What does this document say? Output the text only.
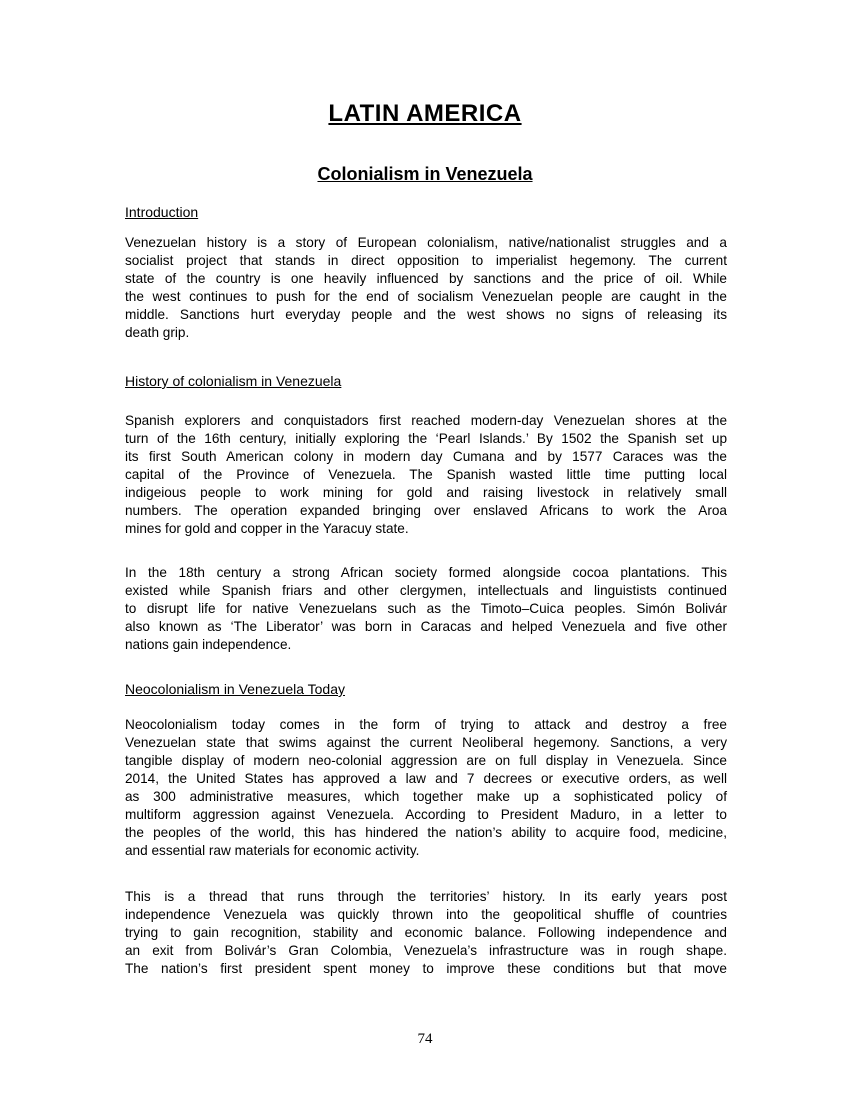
LATIN AMERICA
Colonialism in Venezuela
Introduction
Venezuelan history is a story of European colonialism, native/nationalist struggles and a
socialist project that stands in direct opposition to imperialist hegemony. The current
state of the country is one heavily influenced by sanctions and the price of oil. While
the west continues to push for the end of socialism Venezuelan people are caught in the
middle. Sanctions hurt everyday people and the west shows no signs of releasing its
death grip.
History of colonialism in Venezuela
Spanish explorers and conquistadors first reached modern-day Venezuelan shores at the
turn of the 16th century, initially exploring the ‘Pearl Islands.’ By 1502 the Spanish set up
its first South American colony in modern day Cumana and by 1577 Caraces was the
capital of the Province of Venezuela. The Spanish wasted little time putting local
indigeious people to work mining for gold and raising livestock in relatively small
numbers. The operation expanded bringing over enslaved Africans to work the Aroa
mines for gold and copper in the Yaracuy state.
In the 18th century a strong African society formed alongside cocoa plantations. This
existed while Spanish friars and other clergymen, intellectuals and linguistists continued
to disrupt life for native Venezuelans such as the Timoto–Cuica peoples. Simón Bolivár
also known as ‘The Liberator’ was born in Caracas and helped Venezuela and five other
nations gain independence.
Neocolonialism in Venezuela Today
Neocolonialism today comes in the form of trying to attack and destroy a free
Venezuelan state that swims against the current Neoliberal hegemony. Sanctions, a very
tangible display of modern neo-colonial aggression are on full display in Venezuela. Since
2014, the United States has approved a law and 7 decrees or executive orders, as well
as 300 administrative measures, which together make up a sophisticated policy of
multiform aggression against Venezuela. According to President Maduro, in a letter to
the peoples of the world, this has hindered the nation’s ability to acquire food, medicine,
and essential raw materials for economic activity.
This is a thread that runs through the territories’ history. In its early years post
independence Venezuela was quickly thrown into the geopolitical shuffle of countries
trying to gain recognition, stability and economic balance. Following independence and
an exit from Bolivár’s Gran Colombia, Venezuela’s infrastructure was in rough shape.
The nation’s first president spent money to improve these conditions but that move
74
